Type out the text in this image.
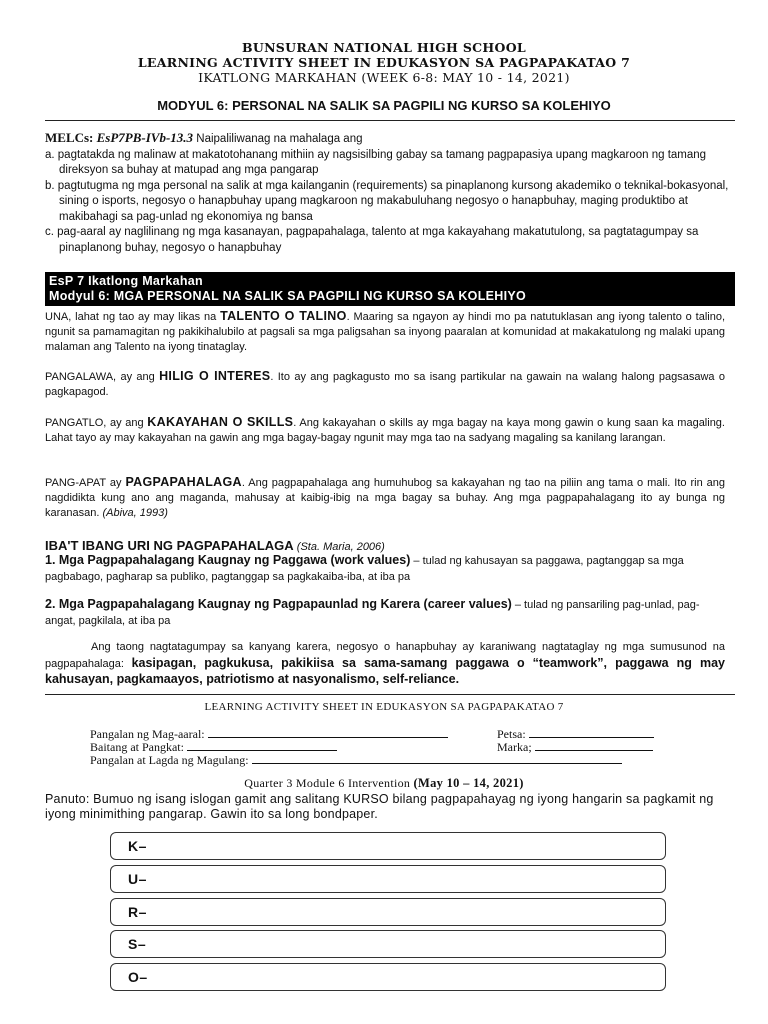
BUNSURAN NATIONAL HIGH SCHOOL
LEARNING ACTIVITY SHEET IN EDUKASYON SA PAGPAPAKATAO 7
IKATLONG MARKAHAN (WEEK 6-8: MAY 10 - 14, 2021)
MODYUL 6: PERSONAL NA SALIK SA PAGPILI NG KURSO SA KOLEHIYO
MELCs: EsP7PB-IVb-13.3 Naipaliliwanag na mahalaga ang
a. pagtatakda ng malinaw at makatotohanang mithiin ay nagsisilbing gabay sa tamang pagpapasiya upang magkaroon ng tamang direksyon sa buhay at matupad ang mga pangarap
b. pagtutugma ng mga personal na salik at mga kailanganin (requirements) sa pinaplanong kursong akademiko o teknikal-bokasyonal, sining o isports, negosyo o hanapbuhay upang magkaroon ng makabuluhang negosyo o hanapbuhay, maging produktibo at makibahagi sa pag-unlad ng ekonomiya ng bansa
c. pag-aaral ay naglilinang ng mga kasanayan, pagpapahalaga, talento at mga kakayahang makatutulong, sa pagtatagumpay sa pinaplanong buhay, negosyo o hanapbuhay
EsP 7 Ikatlong Markahan
Modyul 6: MGA PERSONAL NA SALIK SA PAGPILI NG KURSO SA KOLEHIYO
UNA, lahat ng tao ay may likas na TALENTO O TALINO. Maaring sa ngayon ay hindi mo pa natutuklasan ang iyong talento o talino, ngunit sa pamamagitan ng pakikihalubilo at pagsali sa mga paligsahan sa inyong paaralan at komunidad at makakatulong ng malaki upang malaman ang Talento na iyong tinataglay.
PANGALAWA, ay ang HILIG O INTERES. Ito ay ang pagkagusto mo sa isang partikular na gawain na walang halong pagsasawa o pagkapagod.
PANGATLO, ay ang KAKAYAHAN O SKILLS. Ang kakayahan o skills ay mga bagay na kaya mong gawin o kung saan ka magaling. Lahat tayo ay may kakayahan na gawin ang mga bagay-bagay ngunit may mga tao na sadyang magaling sa kanilang larangan.
PANG-APAT ay PAGPAPAHALAGA. Ang pagpapahalaga ang humuhubog sa kakayahan ng tao na piliin ang tama o mali. Ito rin ang nagdidikta kung ano ang maganda, mahusay at kaibig-ibig na mga bagay sa buhay. Ang mga pagpapahalagang ito ay bunga ng karanasan. (Abiva, 1993)
IBA'T IBANG URI NG PAGPAPAHALAGA (Sta. Maria, 2006)
1. Mga Pagpapahalagang Kaugnay ng Paggawa (work values) – tulad ng kahusayan sa paggawa, pagtanggap sa mga pagbabago, pagharap sa publiko, pagtanggap sa pagkakaiba-iba, at iba pa
2. Mga Pagpapahalagang Kaugnay ng Pagpapaunlad ng Karera (career values) – tulad ng pansariling pag-unlad, pag-angat, pagkilala, at iba pa
Ang taong nagtatagumpay sa kanyang karera, negosyo o hanapbuhay ay karaniwang nagtataglay ng mga sumusunod na pagpapahalaga: kasipagan, pagkukusa, pakikiisa sa sama-samang paggawa o “teamwork”, paggawa ng may kahusayan, pagkamaayos, patriotismo at nasyonalismo, self-reliance.
LEARNING ACTIVITY SHEET IN EDUKASYON SA PAGPAPAKATAO 7
Pangalan ng Mag-aaral:	Petsa:
Baitang at Pangkat:	Marka;
Pangalan at Lagda ng Magulang:
Quarter 3 Module 6 Intervention (May 10 – 14, 2021)
Panuto: Bumuo ng isang islogan gamit ang salitang KURSO bilang pagpapahayag ng iyong hangarin sa pagkamit ng iyong minimithing pangarap. Gawin ito sa long bondpaper.
K–
U–
R–
S–
O–
